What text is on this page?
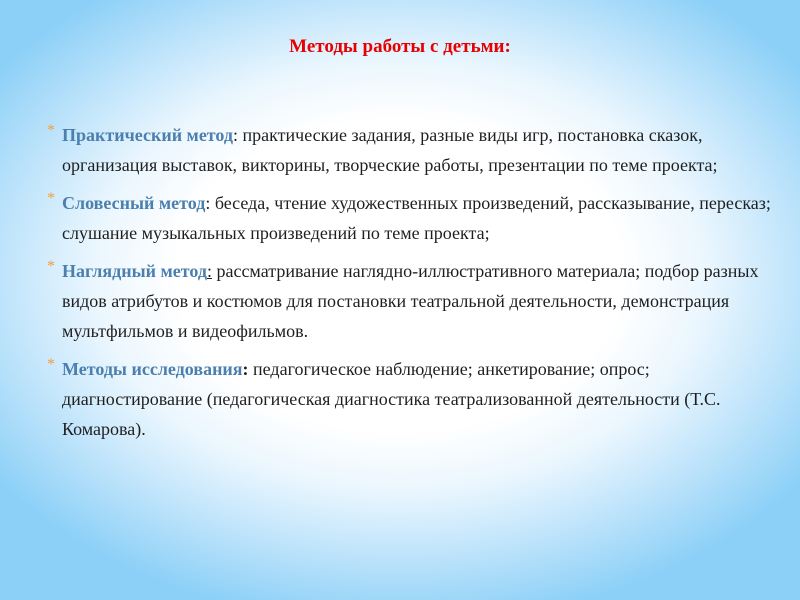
Методы работы с детьми:
* Практический метод: практические задания, разные виды игр, постановка сказок, организация выставок, викторины, творческие работы, презентации по теме проекта;
* Словесный метод: беседа, чтение художественных произведений, рассказывание, пересказ; слушание музыкальных произведений по теме проекта;
* Наглядный метод: рассматривание наглядно-иллюстративного материала; подбор разных видов атрибутов и костюмов для постановки театральной деятельности, демонстрация мультфильмов и видеофильмов.
* Методы исследования: педагогическое наблюдение; анкетирование; опрос; диагностирование (педагогическая диагностика театрализованной деятельности (Т.С. Комарова).
